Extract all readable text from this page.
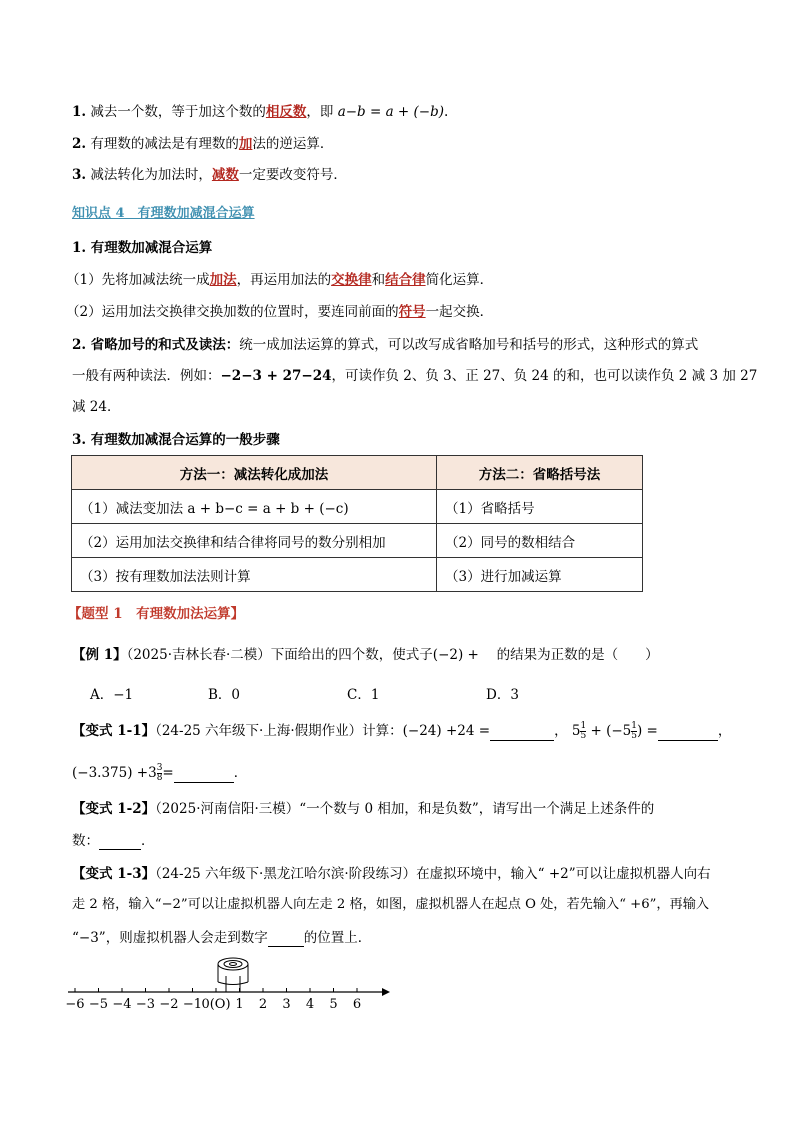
1. 减去一个数，等于加这个数的相反数，即 a−b = a + (−b).
2. 有理数的减法是有理数的加法的逆运算．
3. 减法转化为加法时，减数一定要改变符号．
知识点 4　有理数加减混合运算
1. 有理数加减混合运算
（1）先将加减法统一成加法，再运用加法的交换律和结合律简化运算．
（2）运用加法交换律交换加数的位置时，要连同前面的符号一起交换．
2. 省略加号的和式及读法：统一成加法运算的算式，可以改写成省略加号和括号的形式，这种形式的算式
一般有两种读法．例如：−2−3 + 27−24，可读作负 2、负 3、正 27、负 24 的和，也可以读作负 2 减 3 加 27
减 24．
3. 有理数加减混合运算的一般步骤
方法一：减法转化成加法	方法二：省略括号法
（1）减法变加法 a + b−c = a + b + (−c)	（1）省略括号
（2）运用加法交换律和结合律将同号的数分别相加	（2）同号的数相结合
（3）按有理数加法法则计算	（3）进行加减运算
【题型 1　有理数加法运算】
【例 1】（2025·吉林长春·二模）下面给出的四个数，使式子(−2) +　 的结果为正数的是（　　）
A．−1	B．0	C．1	D．3
【变式 1-1】（24-25 六年级下·上海·假期作业）计算：(−24) +24 =	， $5 \frac{1}{5} + (-5 \frac{1}{5}$ ) =	，
$(-3.375) +3 \frac{3}{8}$ =	．
【变式 1-2】（2025·河南信阳·三模）“一个数与 0 相加，和是负数”，请写出一个满足上述条件的
数：	．
【变式 1-3】（24-25 六年级下·黑龙江哈尔滨·阶段练习）在虚拟环境中，输入“ +2”可以让虚拟机器人向右
走 2 格，输入“−2”可以让虚拟机器人向左走 2 格，如图，虚拟机器人在起点 O 处，若先输入“ +6”，再输入
“−3”，则虚拟机器人会走到数字	的位置上．
−6 −5 −4 −3 −2 −1 0(O) 1 2 3 4 5 6
